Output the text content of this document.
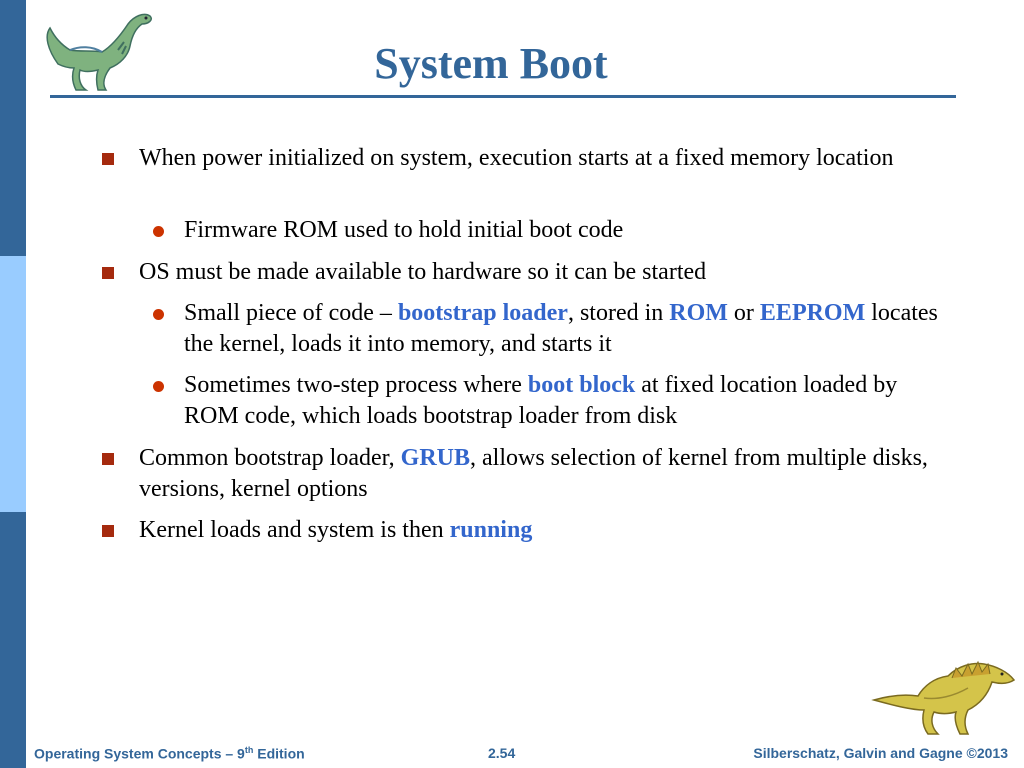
System Boot

When power initialized on system, execution starts at a fixed memory location

Firmware ROM used to hold initial boot code

OS must be made available to hardware so it can be started

Small piece of code – bootstrap loader, stored in ROM or EEPROM locates the kernel, loads it into memory, and starts it

Sometimes two-step process where boot block at fixed location loaded by ROM code, which loads bootstrap loader from disk

Common bootstrap loader, GRUB, allows selection of kernel from multiple disks, versions, kernel options

Kernel loads and system is then running

Operating System Concepts – 9th Edition	2.54	Silberschatz, Galvin and Gagne ©2013
